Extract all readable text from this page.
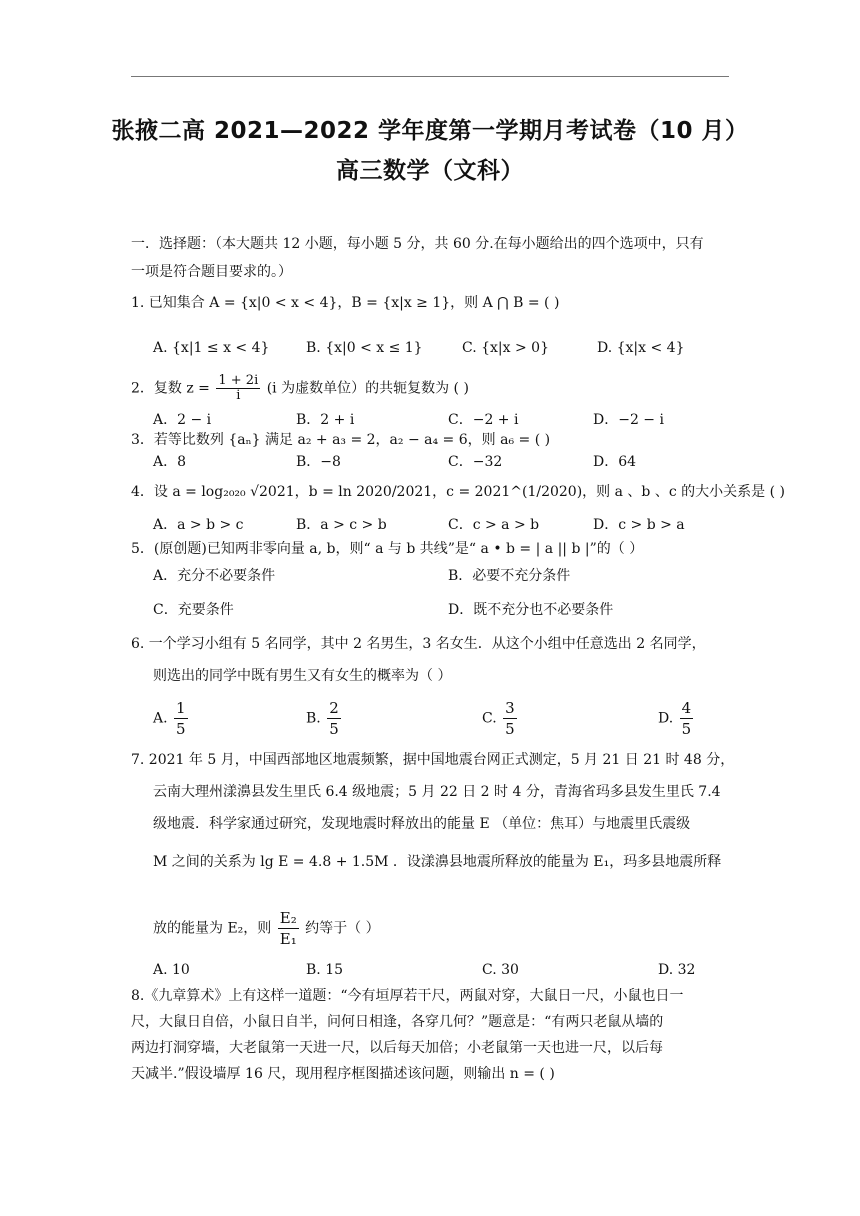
张掖二高 2021—2022 学年度第一学期月考试卷（10 月）
高三数学（文科）
一．选择题：（本大题共 12 小题，每小题 5 分，共 60 分.在每小题给出的四个选项中，只有
一项是符合题目要求的。）
1. 已知集合 A = {x|0 < x < 4}，B = {x|x ≥ 1}，则 A ⋂ B = ( )
A. {x|1 ≤ x < 4}	B. {x|0 < x ≤ 1}	C. {x|x > 0}	D. {x|x < 4}
2．复数 $z = \frac{1 + 2i}{i} (i$ 为虚数单位）的共轭复数为 ( )
A．2 − i	B．2 + i	C．−2 + i	D．−2 − i
3．若等比数列 {aₙ} 满足 a₂ + a₃ = 2，a₂ − a₄ = 6，则 a₆ = ( )
A．8	B．−8	C．−32	D．64
4．设 a = log₂₀₂₀ √2021，b = ln 2020/2021，c = 2021^(1/2020)，则 a 、b 、c 的大小关系是 ( )
A．a > b > c	B．a > c > b	C．c > a > b	D．c > b > a
5．(原创题)已知两非零向量 a, b，则“ a 与 b 共线”是“ a • b = | a || b |”的（ ）
A．充分不必要条件	B．必要不充分条件
C．充要条件	D．既不充分也不必要条件
6. 一个学习小组有 5 名同学，其中 2 名男生，3 名女生．从这个小组中任意选出 2 名同学，
则选出的同学中既有男生又有女生的概率为（ ）
A. $\frac{1}{5}$	B. $\frac{2}{5}$	C. $\frac{3}{5}$	D. $\frac{4}{5}$
7. 2021 年 5 月，中国西部地区地震频繁，据中国地震台网正式测定，5 月 21 日 21 时 48 分，
云南大理州漾濞县发生里氏 6.4 级地震；5 月 22 日 2 时 4 分，青海省玛多县发生里氏 7.4
级地震．科学家通过研究，发现地震时释放出的能量 E （单位：焦耳）与地震里氏震级
M 之间的关系为 lg E = 4.8 + 1.5M ．设漾濞县地震所释放的能量为 E₁，玛多县地震所释
放的能量为 E₂，则 $\frac{\text{E₂}}{\text{E₁}}$ 约等于（ ）
A. 10	B. 15	C. 30	D. 32
8.《九章算术》上有这样一道题：“今有垣厚若干尺，两鼠对穿，大鼠日一尺，小鼠也日一
尺，大鼠日自倍，小鼠日自半，问何日相逢，各穿几何？”题意是：“有两只老鼠从墙的
两边打洞穿墙，大老鼠第一天进一尺，以后每天加倍；小老鼠第一天也进一尺，以后每
天减半.”假设墙厚 16 尺，现用程序框图描述该问题，则输出 n = ( )
